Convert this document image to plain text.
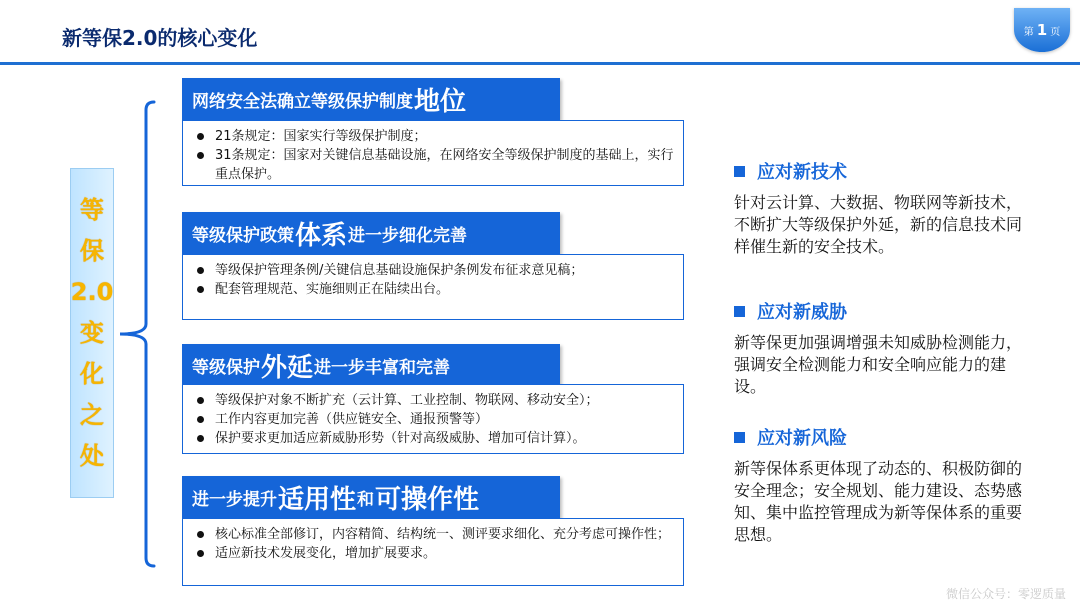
新等保2.0的核心变化	第 1 页
等
保
2.0
变
化
之
处
网络安全法确立等级保护制度 地位
21条规定：国家实行等级保护制度；
31条规定：国家对关键信息基础设施，在网络安全等级保护制度的基础上，实行重点保护。
等级保护政策 体系 进一步细化完善
等级保护管理条例/关键信息基础设施保护条例发布征求意见稿；
配套管理规范、实施细则正在陆续出台。
等级保护 外延 进一步丰富和完善
等级保护对象不断扩充（云计算、工业控制、物联网、移动安全）；
工作内容更加完善（供应链安全、通报预警等）
保护要求更加适应新威胁形势（针对高级威胁、增加可信计算）。
进一步提升 适用性 和 可操作性
核心标准全部修订，内容精简、结构统一、测评要求细化、充分考虑可操作性；
适应新技术发展变化，增加扩展要求。
应对新技术
针对云计算、大数据、物联网等新技术，不断扩大等级保护外延，新的信息技术同样催生新的安全技术。
应对新威胁
新等保更加强调增强未知威胁检测能力，强调安全检测能力和安全响应能力的建设。
应对新风险
新等保体系更体现了动态的、积极防御的安全理念；安全规划、能力建设、态势感知、集中监控管理成为新等保体系的重要思想。
微信公众号：零逻质量
